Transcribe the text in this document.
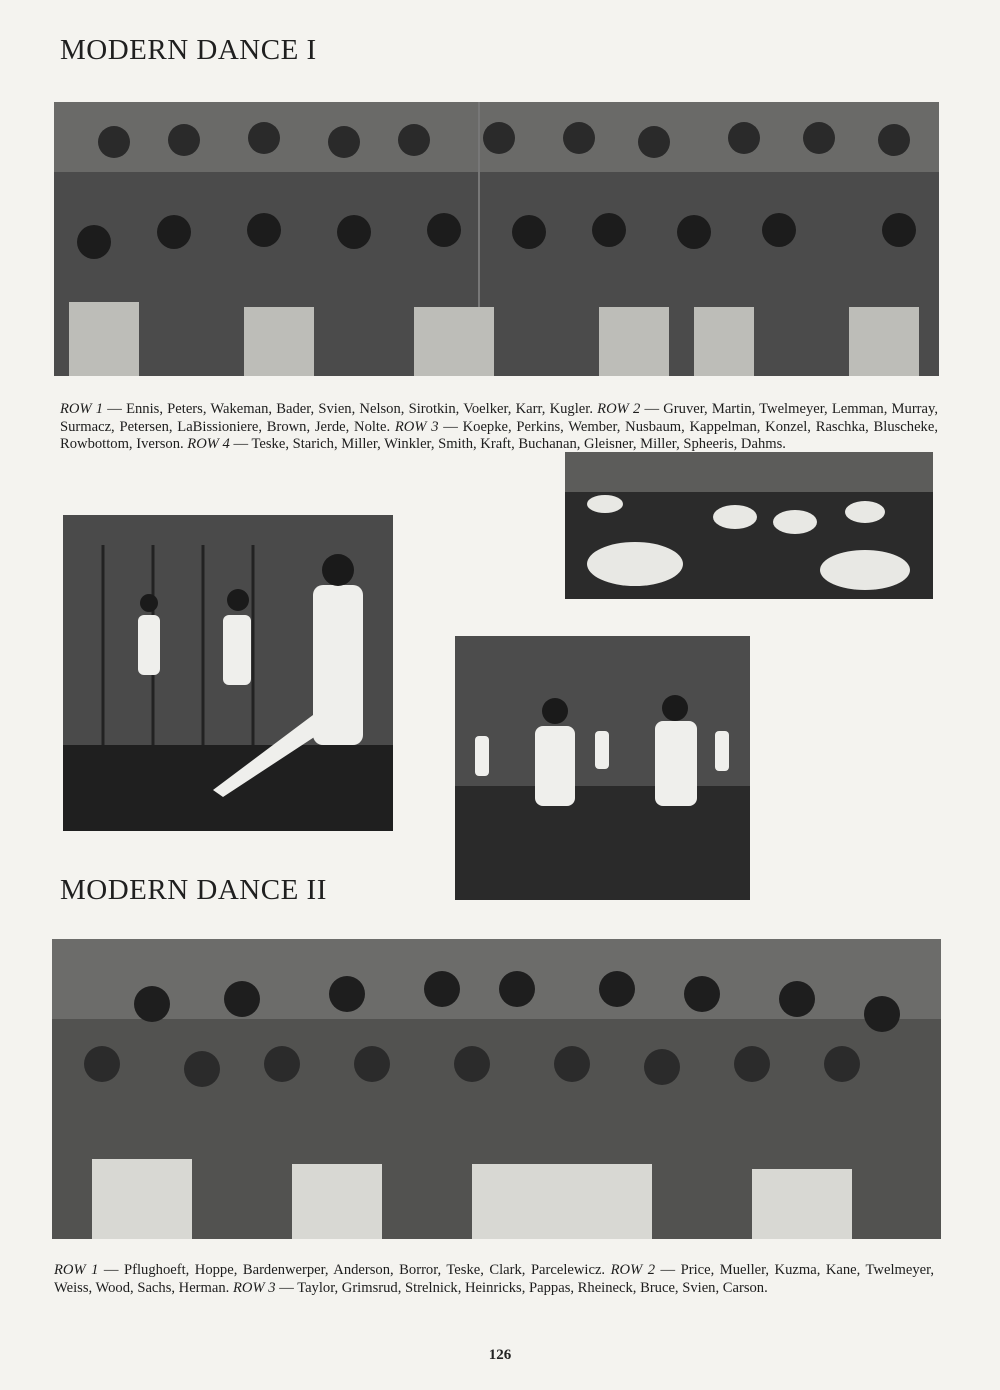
MODERN DANCE I

ROW 1 — Ennis, Peters, Wakeman, Bader, Svien, Nelson, Sirotkin, Voelker, Karr, Kugler. ROW 2 — Gruver, Martin, Twelmeyer, Lemman, Murray, Surmacz, Petersen, LaBissioniere, Brown, Jerde, Nolte. ROW 3 — Koepke, Perkins, Wember, Nusbaum, Kappelman, Konzel, Raschka, Bluscheke, Rowbottom, Iverson. ROW 4 — Teske, Starich, Miller, Winkler, Smith, Kraft, Buchanan, Gleisner, Miller, Spheeris, Dahms.

MODERN DANCE II

ROW 1 — Pflughoeft, Hoppe, Bardenwerper, Anderson, Borror, Teske, Clark, Parcelewicz. ROW 2 — Price, Mueller, Kuzma, Kane, Twelmeyer, Weiss, Wood, Sachs, Herman. ROW 3 — Taylor, Grimsrud, Strelnick, Heinricks, Pappas, Rheineck, Bruce, Svien, Carson.

126
